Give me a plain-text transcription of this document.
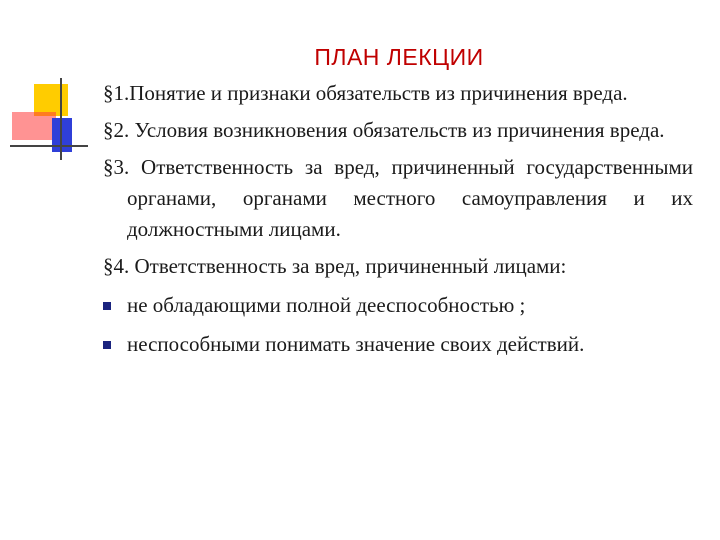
ПЛАН ЛЕКЦИИ

§1.Понятие и признаки обязательств из причинения вреда.

§2. Условия возникновения обязательств из причинения вреда.

§3. Ответственность за вред, причиненный государственными органами, органами местного самоуправления и их должностными лицами.

§4. Ответственность за вред, причиненный лицами:

не обладающими полной дееспособностью ;
неспособными понимать значение своих действий.
